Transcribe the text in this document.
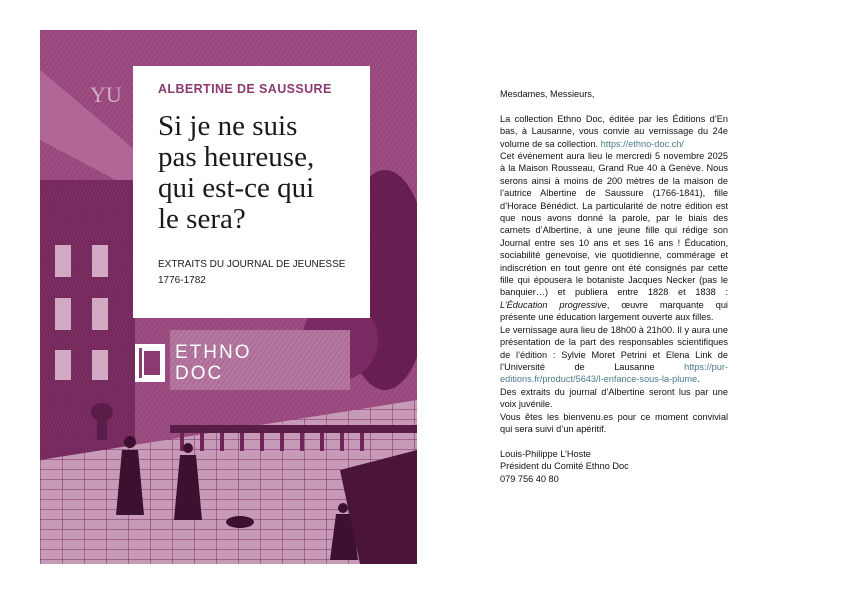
YU	ALBERTINE DE SAUSSURE

Si je ne suis
pas heureuse,
qui est-ce qui
le sera?

EXTRAITS DU JOURNAL DE JEUNESSE
1776-1782

ETHNO
DOC

Mesdames, Messieurs,

La collection Ethno Doc, éditée par les Éditions d’En bas, à Lausanne, vous convie au vernissage du 24e volume de sa collection. https://ethno-doc.ch/

Cet événement aura lieu le mercredi 5 novembre 2025 à la Maison Rousseau, Grand Rue 40 à Genève. Nous serons ainsi à moins de 200 mètres de la maison de l’autrice Albertine de Saussure (1766-1841), fille d’Horace Bénédict. La particularité de notre édition est que nous avons donné la parole, par le biais des carnets d’Albertine, à une jeune fille qui rédige son Journal entre ses 10 ans et ses 16 ans ! Éducation, sociabilité genevoise, vie quotidienne, commérage et indiscrétion en tout genre ont été consignés par cette fille qui épousera le botaniste Jacques Necker (pas le banquier…) et publiera entre 1828 et 1838 : L’Éducation progressive, œuvre marquante qui présente une éducation largement ouverte aux filles.

Le vernissage aura lieu de 18h00 à 21h00. Il y aura une présentation de la part des responsables scientifiques de l’édition : Sylvie Moret Petrini et Elena Link de l’Université de Lausanne https://pur-editions.fr/product/5643/l-enfance-sous-la-plume.

Des extraits du journal d’Albertine seront lus par une voix juvénile.

Vous êtes les bienvenu.es pour ce moment convivial qui sera suivi d’un apéritif.

Louis-Philippe L’Hoste

Président du Comité Ethno Doc

079 756 40 80
